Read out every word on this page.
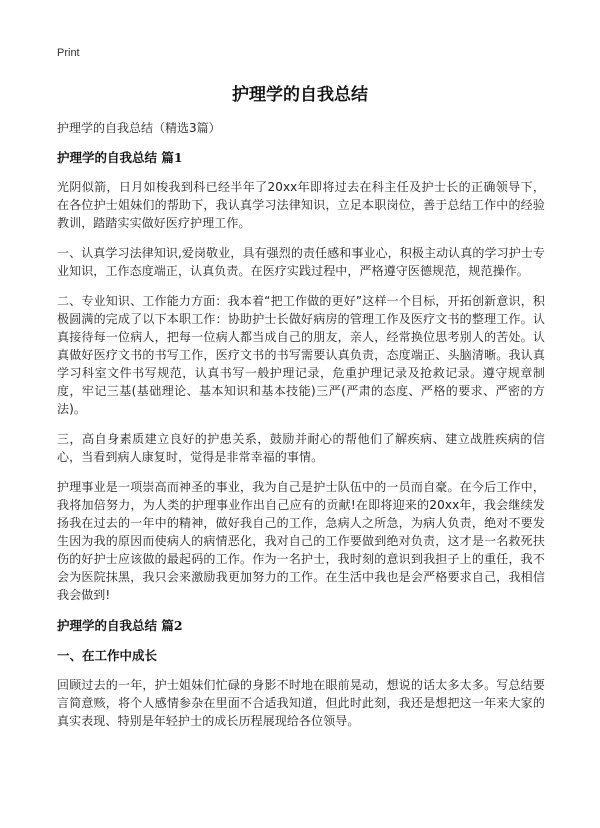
Print
护理学的自我总结

护理学的自我总结（精选3篇）

护理学的自我总结 篇1

光阴似箭，日月如梭我到科已经半年了20xx年即将过去在科主任及护士长的正确领导下，在各位护士姐妹们的帮助下，我认真学习法律知识，立足本职岗位，善于总结工作中的经验教训，踏踏实实做好医疗护理工作。

一、认真学习法律知识,爱岗敬业，具有强烈的责任感和事业心，积极主动认真的学习护士专业知识，工作态度端正，认真负责。在医疗实践过程中，严格遵守医德规范，规范操作。

二、专业知识、工作能力方面：我本着“把工作做的更好”这样一个目标，开拓创新意识，积极圆满的完成了以下本职工作：协助护士长做好病房的管理工作及医疗文书的整理工作。认真接待每一位病人，把每一位病人都当成自己的朋友，亲人，经常换位思考别人的苦处。认真做好医疗文书的书写工作，医疗文书的书写需要认真负责，态度端正、头脑清晰。我认真学习科室文件书写规范，认真书写一般护理记录，危重护理记录及抢救记录。遵守规章制度，牢记三基(基础理论、基本知识和基本技能)三严(严肃的态度、严格的要求、严密的方法)。

三，高自身素质建立良好的护患关系，鼓励并耐心的帮他们了解疾病、建立战胜疾病的信心，当看到病人康复时，觉得是非常幸福的事情。

护理事业是一项崇高而神圣的事业，我为自己是护士队伍中的一员而自豪。在今后工作中，我将加倍努力，为人类的护理事业作出自己应有的贡献!在即将迎来的20xx年，我会继续发扬我在过去的一年中的精神，做好我自己的工作，急病人之所急，为病人负责，绝对不要发生因为我的原因而使病人的病情恶化，我对自己的工作要做到绝对负责，这才是一名救死扶伤的好护士应该做的最起码的工作。作为一名护士，我时刻的意识到我担子上的重任，我不会为医院抹黑，我只会来激励我更加努力的工作。在生活中我也是会严格要求自己，我相信我会做到!

护理学的自我总结 篇2
一、在工作中成长

回顾过去的一年，护士姐妹们忙碌的身影不时地在眼前晃动，想说的话太多太多。写总结要言简意赅，将个人感情参杂在里面不合适我知道，但此时此刻，我还是想把这一年来大家的真实表现、特别是年轻护士的成长历程展现给各位领导。
